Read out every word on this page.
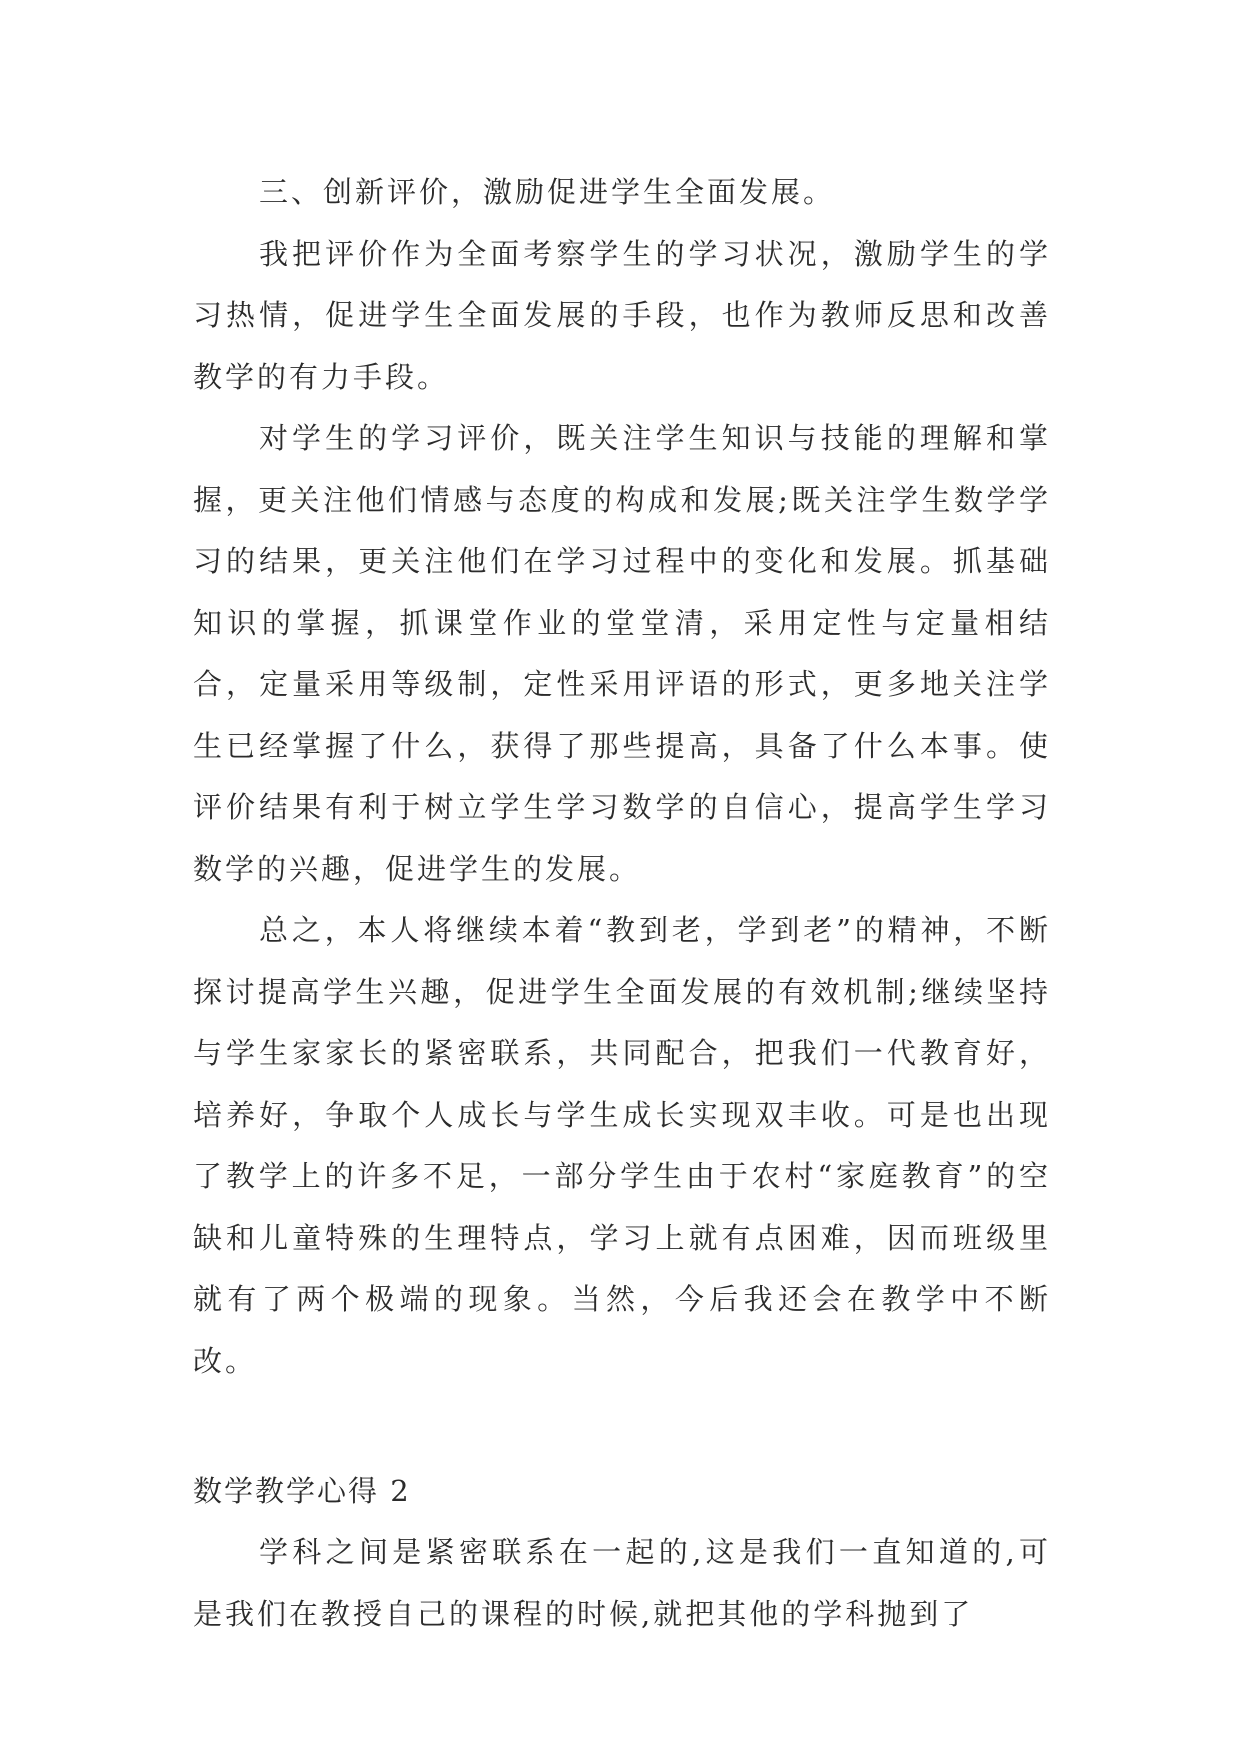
三、创新评价，激励促进学生全面发展。

我把评价作为全面考察学生的学习状况，激励学生的学习热情，促进学生全面发展的手段，也作为教师反思和改善教学的有力手段。

对学生的学习评价，既关注学生知识与技能的理解和掌握，更关注他们情感与态度的构成和发展;既关注学生数学学习的结果，更关注他们在学习过程中的变化和发展。抓基础知识的掌握，抓课堂作业的堂堂清，采用定性与定量相结合，定量采用等级制，定性采用评语的形式，更多地关注学生已经掌握了什么，获得了那些提高，具备了什么本事。使评价结果有利于树立学生学习数学的自信心，提高学生学习数学的兴趣，促进学生的发展。

总之，本人将继续本着“教到老，学到老”的精神，不断探讨提高学生兴趣，促进学生全面发展的有效机制;继续坚持与学生家家长的紧密联系，共同配合，把我们一代教育好，培养好，争取个人成长与学生成长实现双丰收。可是也出现了教学上的许多不足，一部分学生由于农村“家庭教育”的空缺和儿童特殊的生理特点，学习上就有点困难，因而班级里就有了两个极端的现象。当然，今后我还会在教学中不断改。

数学教学心得 2

学科之间是紧密联系在一起的,这是我们一直知道的,可是我们在教授自己的课程的时候,就把其他的学科抛到了
